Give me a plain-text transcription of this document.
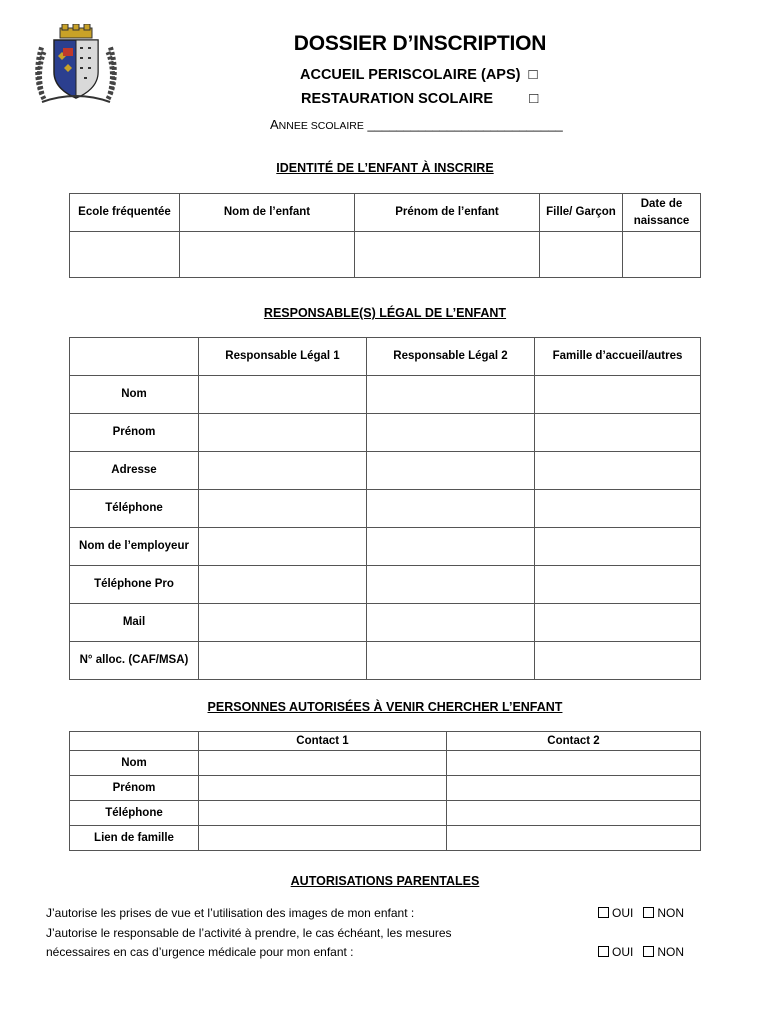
DOSSIER D’INSCRIPTION
ACCUEIL PERISCOLAIRE (APS) □
RESTAURATION SCOLAIRE □
ANNEE SCOLAIRE ___________________________
IDENTITÉ DE L’ENFANT À INSCRIRE
Ecole fréquentée	Nom de l’enfant	Prénom de l’enfant	Fille/ Garçon	Date de naissance

RESPONSABLE(S) LÉGAL DE L’ENFANT
	Responsable Légal 1	Responsable Légal 2	Famille d’accueil/autres
Nom			
Prénom			
Adresse			
Téléphone			
Nom de l’employeur			
Téléphone Pro			
Mail			
N° alloc. (CAF/MSA)			
PERSONNES AUTORISÉES À VENIR CHERCHER L’ENFANT
	Contact 1	Contact 2
Nom		
Prénom		
Téléphone		
Lien de famille		
AUTORISATIONS PARENTALES
J’autorise les prises de vue et l’utilisation des images de mon enfant :
J’autorise le responsable de l’activité à prendre, le cas échéant, les mesures
nécessaires en cas d’urgence médicale pour mon enfant :
OUI NON
OUI NON
